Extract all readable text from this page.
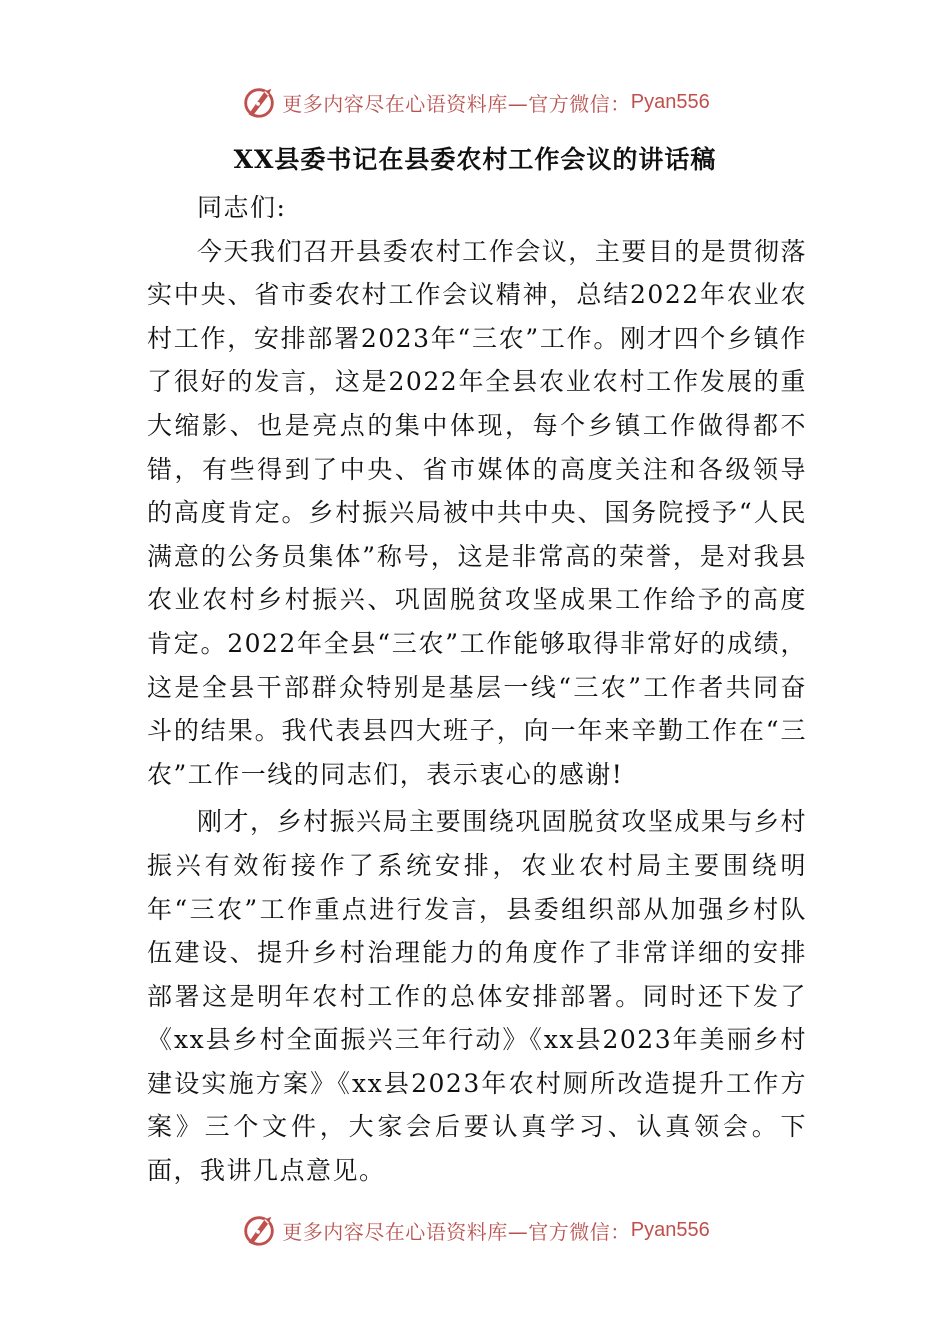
更多内容尽在心语资料库—官方微信： Pyan556
XX县委书记在县委农村工作会议的讲话稿

同志们:

今天我们召开县委农村工作会议，主要目的是贯彻落实中央、省市委农村工作会议精神，总结2022年农业农村工作，安排部署2023年“三农”工作。刚才四个乡镇作了很好的发言，这是2022年全县农业农村工作发展的重大缩影、也是亮点的集中体现，每个乡镇工作做得都不错，有些得到了中央、省市媒体的高度关注和各级领导的高度肯定。乡村振兴局被中共中央、国务院授予“人民满意的公务员集体”称号，这是非常高的荣誉，是对我县农业农村乡村振兴、巩固脱贫攻坚成果工作给予的高度肯定。2022年全县“三农”工作能够取得非常好的成绩，这是全县干部群众特别是基层一线“三农”工作者共同奋斗的结果。我代表县四大班子，向一年来辛勤工作在“三农”工作一线的同志们，表示衷心的感谢!

刚才，乡村振兴局主要围绕巩固脱贫攻坚成果与乡村振兴有效衔接作了系统安排，农业农村局主要围绕明年“三农”工作重点进行发言，县委组织部从加强乡村队伍建设、提升乡村治理能力的角度作了非常详细的安排部署这是明年农村工作的总体安排部署。同时还下发了《xx县乡村全面振兴三年行动》《xx县2023年美丽乡村建设实施方案》《xx县2023年农村厕所改造提升工作方案》三个文件，大家会后要认真学习、认真领会。下面，我讲几点意见。

更多内容尽在心语资料库—官方微信： Pyan556
